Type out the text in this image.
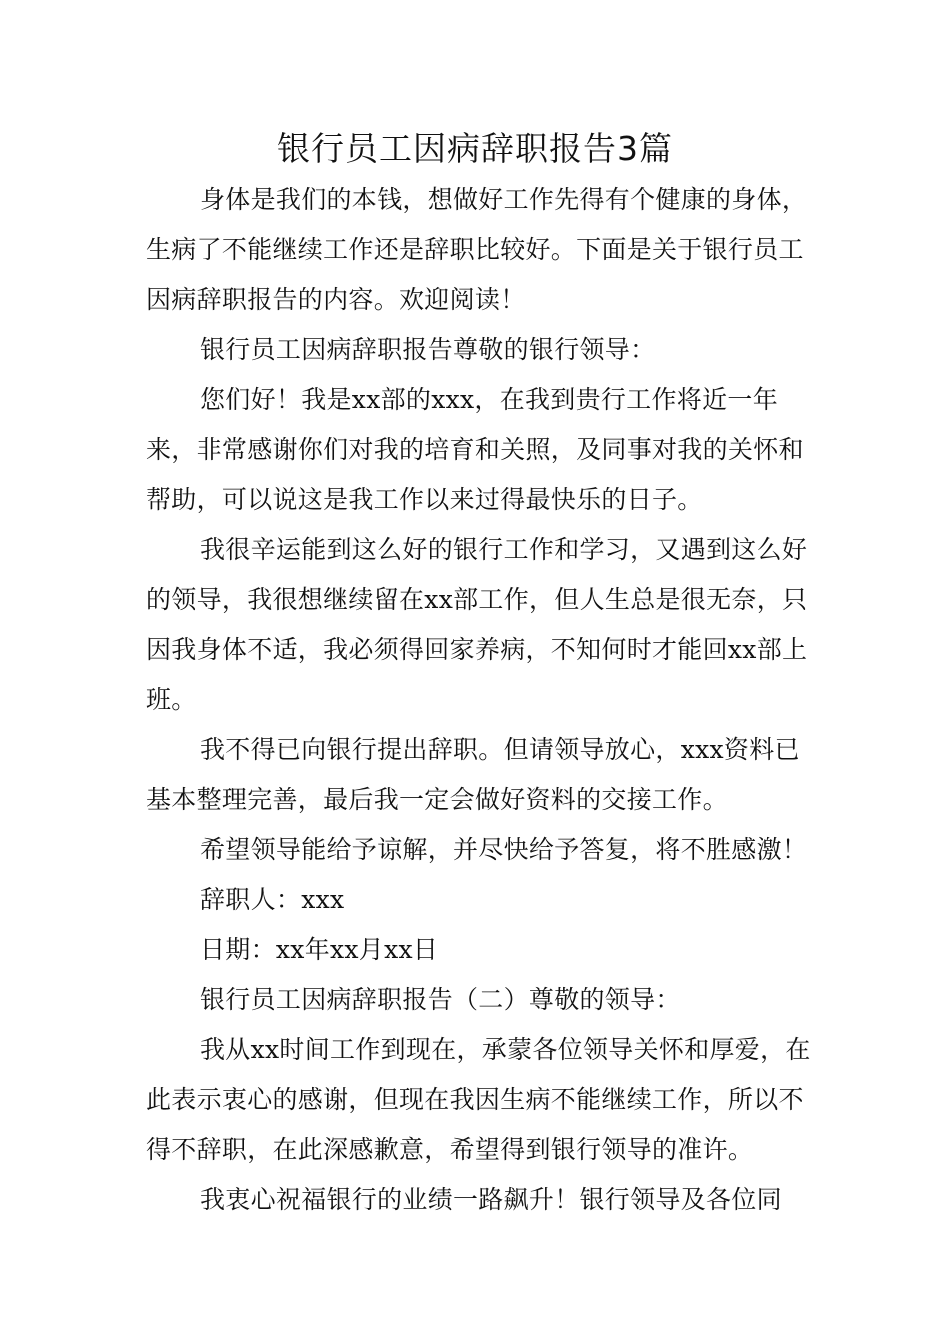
银行员工因病辞职报告3篇

身体是我们的本钱，想做好工作先得有个健康的身体，生病了不能继续工作还是辞职比较好。下面是关于银行员工因病辞职报告的内容。欢迎阅读！

银行员工因病辞职报告尊敬的银行领导：

您们好！我是xx部的xxx，在我到贵行工作将近一年来，非常感谢你们对我的培育和关照，及同事对我的关怀和帮助，可以说这是我工作以来过得最快乐的日子。

我很辛运能到这么好的银行工作和学习，又遇到这么好的领导，我很想继续留在xx部工作，但人生总是很无奈，只因我身体不适，我必须得回家养病，不知何时才能回xx部上班。

我不得已向银行提出辞职。但请领导放心，xxx资料已基本整理完善，最后我一定会做好资料的交接工作。

希望领导能给予谅解，并尽快给予答复，将不胜感激！

辞职人：xxx

日期：xx年xx月xx日

银行员工因病辞职报告（二）尊敬的领导：

我从xx时间工作到现在，承蒙各位领导关怀和厚爱，在此表示衷心的感谢，但现在我因生病不能继续工作，所以不得不辞职，在此深感歉意，希望得到银行领导的准许。

我衷心祝福银行的业绩一路飙升！银行领导及各位同
